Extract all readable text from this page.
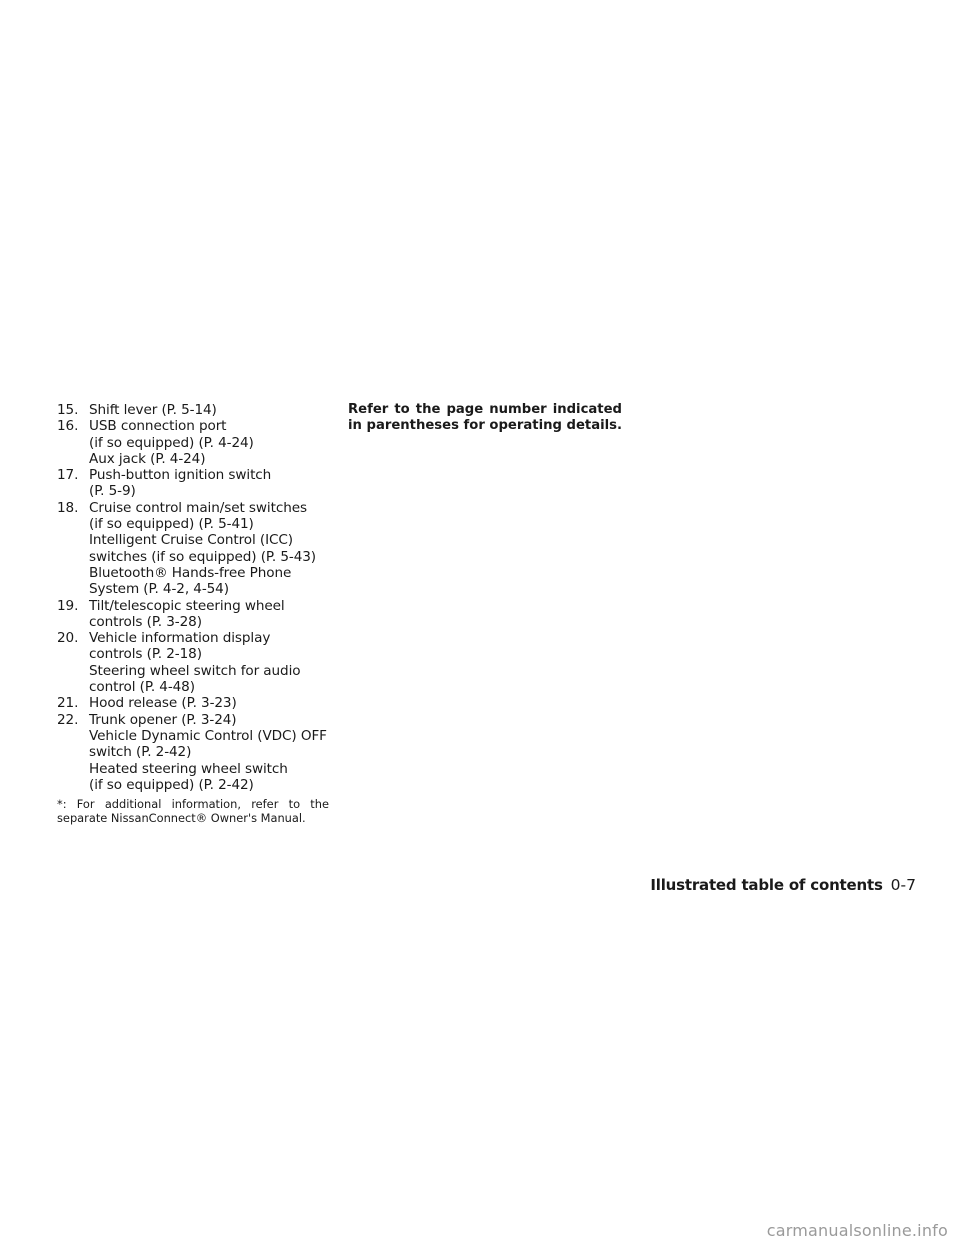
15. Shift lever (P. 5-14)
16. USB connection port
(if so equipped) (P. 4-24)
Aux jack (P. 4-24)
17. Push-button ignition switch
(P. 5-9)
18. Cruise control main/set switches
(if so equipped) (P. 5-41)
Intelligent Cruise Control (ICC)
switches (if so equipped) (P. 5-43)
Bluetooth® Hands-free Phone
System (P. 4-2, 4-54)
19. Tilt/telescopic steering wheel
controls (P. 3-28)
20. Vehicle information display
controls (P. 2-18)
Steering wheel switch for audio
control (P. 4-48)
21. Hood release (P. 3-23)
22. Trunk opener (P. 3-24)
Vehicle Dynamic Control (VDC) OFF
switch (P. 2-42)
Heated steering wheel switch
(if so equipped) (P. 2-42)

*: For additional information, refer to the separate NissanConnect® Owner's Manual.

Refer to the page number indicated in parentheses for operating details.

Illustrated table of contents 0-7
carmanualsonline.info
